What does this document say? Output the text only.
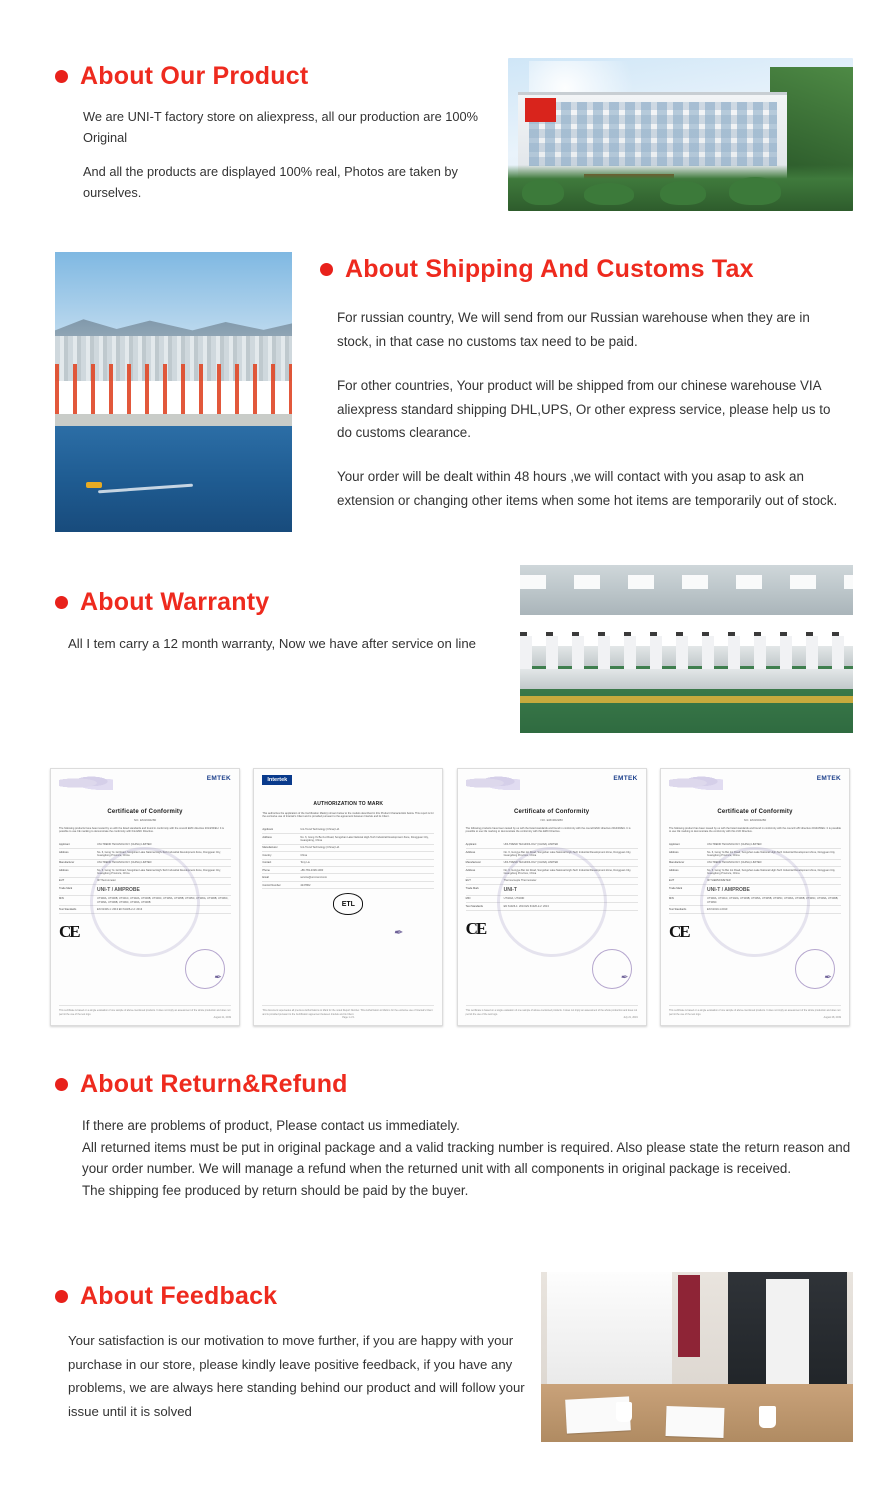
About Our Product

We are UNI-T factory store on aliexpress, all our production are 100% Original

And all the products are displayed 100% real, Photos are taken by ourselves.

About Shipping And Customs Tax

For russian country, We will send from our Russian warehouse when they are in stock, in that case no customs tax need to be paid.

For other countries, Your product will be shipped from our chinese warehouse VIA aliexpress standard shipping DHL,UPS, Or other express service, please help us to do customs clearance.

Your order will be dealt within 48 hours ,we will contact with you asap to ask an extension or changing other items when some hot items are temporarily out of stock.

About Warranty

All I tem carry a 12 month warranty, Now we have after service on line

EMTEK
Certificate of Conformity
NO. EM1902280
The following products have been tested by us with the listed standards and found in conformity with the council EMC directive 2014/30/EU. It is possible to use CE marking to demonstrate the conformity with this EMC Directive.
Applicant	UNI-TREND TECHNOLOGY (CHINA) LIMITED
Address	No. 6, Gong Ye 1st Road, Songshan Lake National High-Tech Industrial Development Zone, Dongguan City, Guangdong Province, China
Manufacturer	UNI-TREND TECHNOLOGY (CHINA) LIMITED
Address	No. 6, Gong Ye 1st Road, Songshan Lake National High-Tech Industrial Development Zone, Dongguan City, Guangdong Province, China
EUT	IR Thermometer
Trade Mark	UNI-T / AMPROBE
M/N	UT300A, UT300B, UT301C, UT302A, UT303B, UT303C, UT305A, UT305B, UT305C, UT306A, UT306B, UT306C, UT309A, UT309B, UT309C, UT330A, UT330B
Test Standards	EN 61326-1: 2013 EN 61326-2-2: 2013
CE
✒
This certificate is based on a single evaluation of one sample of above-mentioned products. It does not imply an assessment of the whole production and does not permit the use of the test logo.
August 21, 2019
Intertek
AUTHORIZATION TO MARK
This authorizes the application of the Certification Mark(s) shown below to the models described in this Product Characteristic below. This report is for the exclusive use of Intertek's Client and is provided pursuant to the agreement between Intertek and its Client.
Applicant	Uni-Trend Technology (China) Ltd.
Address	No. 6, Gong Ye Bei 1st Road, Songshan Lake National High-Tech Industrial Development Zone, Dongguan City, Guangdong, China
Manufacturer	Uni-Trend Technology (China) Ltd.
Country	China
Contact	Tony Liu
Phone	+86-769-2198-1000
Email	service@uni-trend.com
Control Number	4247862
✒
ETL
This document supersedes all previous Authorizations to Mark for the noted Report Number. This Authorization to Mark is for the exclusive use of Intertek's Client and is provided pursuant to the Certification agreement between Intertek and its Client.
Page 1 of 1
EMTEK
Certificate of Conformity
NO. EM1902280
The following products have been tested by us with the listed standards and found in conformity with the council EMC directive 2014/30/EU. It is possible to use CE marking to demonstrate the conformity with this EMC Directive.
Applicant	UNI-TREND TECHNOLOGY (CHINA) LIMITED
Address	No. 6, Gongye Bei 1st Road, Songshan Lake National High-Tech Industrial Development Zone, Dongguan City, Guangdong Province, China
Manufacturer	UNI-TREND TECHNOLOGY (CHINA) LIMITED
Address	No. 6, Gongye Bei 1st Road, Songshan Lake National High-Tech Industrial Development Zone, Dongguan City, Guangdong Province, China
EUT	Thermocouple Thermometer
Trade Mark	UNI-T
M/N	UT320A, UT320D
Test Standards	EN 61326-1: 2013 EN 61326-2-2: 2013
CE
✒
This certificate is based on a single evaluation of one sample of above-mentioned products. It does not imply an assessment of the whole production and does not permit the use of the test logo.
July 21, 2019
EMTEK
Certificate of Conformity
NO. EM1902280
The following product has been issued by us with the listed standards and found in conformity with the council LVD directive 2014/35/EU. It is possible to use CE marking to demonstrate the conformity with this LVD Directive.
Applicant	UNI-TREND TECHNOLOGY (CHINA) LIMITED
Address	No. 6, Gong Ye Bei 1st Road, Songshan Lake National High-Tech Industrial Development Zone, Dongguan City, Guangdong Province, China
Manufacturer	UNI-TREND TECHNOLOGY (CHINA) LIMITED
Address	No. 6, Gong Ye Bei 1st Road, Songshan Lake National High-Tech Industrial Development Zone, Dongguan City, Guangdong Province, China
EUT	IR THERMOMETER
Trade Mark	UNI-T / AMPROBE
M/N	UT300A, UT301C, UT302A, UT303B, UT305A, UT305B, UT305C, UT306A, UT306B, UT306C, UT309A, UT309B, UT309C
Test Standards	EN 61010-1:2010
CE
✒
This certificate is based on a single evaluation of one sample of above-mentioned products. It does not imply an assessment of the whole production and does not permit the use of the test logo.
August 28, 2019
About Return&Refund

If there are problems of product, Please contact us immediately.

All returned items must be put in original package and a valid tracking number is required. Also please state the return reason and your order number. We will manage a refund when the returned unit with all components in original package is received.

The shipping fee produced by return should be paid by the buyer.

About Feedback

Your satisfaction is our motivation to move further, if you are happy with your purchase in our store, please kindly leave positive feedback, if you have any problems, we are always here standing behind our product and will follow your issue until it is solved
